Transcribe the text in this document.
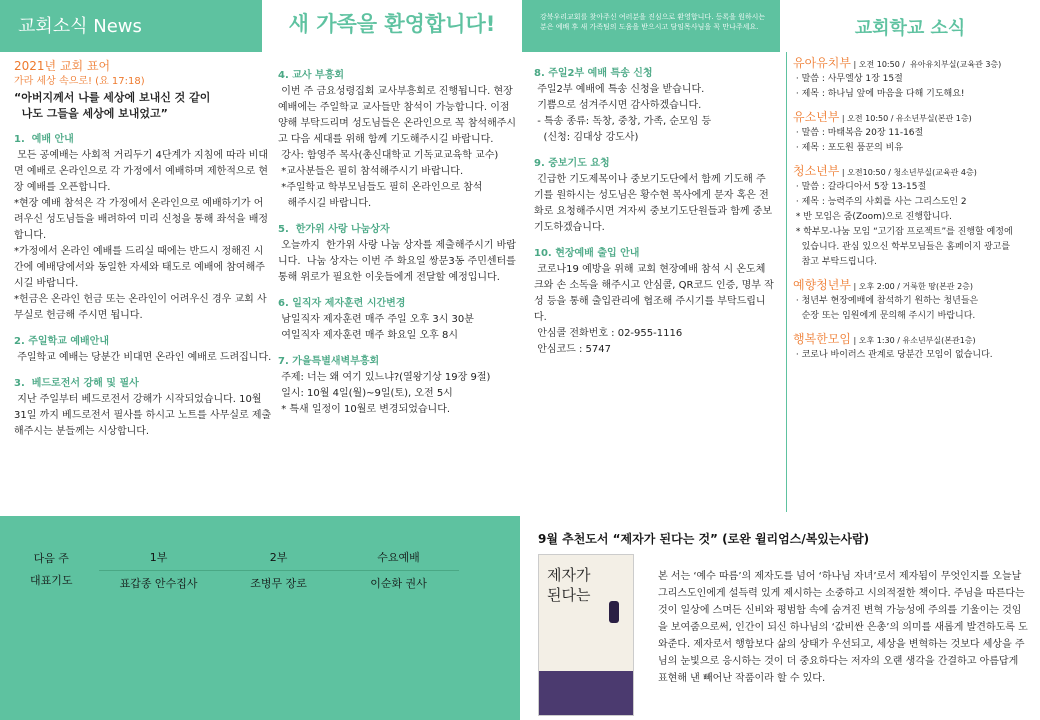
교회소식 News	새 가족을 환영합니다!	강북우리교회를 찾아주신 여러분을 진심으로 환영합니다. 등록을 원하시는 분은 예배 후 새 가족팀의 도움을 받으시고 담임목사님을 꼭 만나주세요.	교회학교 소식

2021년 교회 표어

가라 세상 속으로! (요 17:18)

“아버지께서 나를 세상에 보내신 것 같이
나도 그들을 세상에 보내었고”

1.  예배 안내

모든 공예배는 사회적 거리두기 4단계가 지침에 따라 비대면 예배로 온라인으로 각 가정에서 예배하며 제한적으로 현장 예배를 오픈합니다.
*현장 예배 참석은 각 가정에서 온라인으로 예배하기가 어려우신 성도님들을 배려하여 미리 신청을 통해 좌석을 배정합니다.
*가정에서 온라인 예배를 드리실 때에는 반드시 정해진 시간에 예배당에서와 동일한 자세와 태도로 예배에 참여해주시길 바랍니다.
*헌금은 온라인 헌금 또는 온라인이 어려우신 경우 교회 사무실로 헌금해 주시면 됩니다.

2. 주일학교 예배안내

주일학교 예배는 당분간 비대면 온라인 예배로 드려집니다.

3.  베드로전서 강해 및 필사

지난 주일부터 베드로전서 강해가 시작되었습니다. 10월 31일 까지 베드로전서 필사를 하시고 노트를 사무실로 제출해주시는 분들께는 시상합니다.

4. 교사 부흥회

이번 주 금요성령집회 교사부흥회로 진행됩니다. 현장예배에는 주일학교 교사들만 참석이 가능합니다. 이점 양해 부탁드리며 성도님들은 온라인으로 꼭 참석해주시고 다음 세대를 위해 함께 기도해주시길 바랍니다.
강사: 함영주 목사(총신대학교 기독교교육학 교수)
*교사분들은 필히 참석해주시기 바랍니다.
*주일학교 학부모님들도 필히 온라인으로 참석
해주시길 바랍니다.

5.  한가위 사랑 나눔상자

오늘까지  한가위 사랑 나눔 상자를 제출해주시기 바랍니다.  나눔 상자는 이번 주 화요일 쌍문3동 주민센터를 통해 위로가 필요한 이웃들에게 전달할 예정입니다.

6. 일직자 제자훈련 시간변경

남일직자 제자훈련 매주 주일 오후 3시 30분
여일직자 제자훈련 매주 화요일 오후 8시

7. 가을특별새벽부흥회

주제: 너는 왜 여기 있느냐?(열왕기상 19장 9절)
일시: 10월 4일(월)~9일(토), 오전 5시
* 특새 일정이 10월로 변경되었습니다.

8. 주일2부 예배 특송 신청

주일2부 예배에 특송 신청을 받습니다.
기쁨으로 섬겨주시면 감사하겠습니다.
- 특송 종류: 독창, 중창, 가족, 순모임 등
(신청: 김대상 강도사)

9. 중보기도 요청

긴급한 기도제목이나 중보기도단에서 함께 기도해 주기를 원하시는 성도님은 황수현 목사에게 문자 혹은 전화로 요청해주시면 겨자씨 중보기도단원들과 함께 중보기도하겠습니다.

10. 현장예배 출입 안내

코로나19 예방을 위해 교회 현장예배 참석 시 온도체크와 손 소독을 해주시고 안심콜, QR코드 인증, 명부 작성 등을 통해 출입관리에 협조해 주시기를 부탁드립니다.
안심콜 전화번호 : 02-955-1116
안심코드 : 5747

유아유치부 | 오전 10:50 /  유아유치부실(교육관 3층)

· 말씀 : 사무엘상 1장 15절
· 제목 : 하나님 앞에 마음을 다해 기도해요!

유소년부 | 오전 10:50 / 유소년부실(본관 1층)

· 말씀 : 마태복음 20장 11-16절
· 제목 : 포도원 품꾼의 비유

청소년부 | 오전10:50 / 청소년부실(교육관 4층)

· 말씀 : 갈라디아서 5장 13-15절
· 제목 : 능력주의 사회를 사는 그리스도인 2
* 반 모임은 줌(Zoom)으로 진행합니다.
* 학부모-나눔 모임 “고기잡 프로젝트”를 진행할 예정에
있습니다. 관심 있으신 학부모님들은 홈페이지 광고를
참고 부탁드립니다.

예향청년부 | 오후 2:00 / 거룩한 땅(본관 2층)

· 청년부 현장예배에 참석하기 원하는 청년들은
순장 또는 임원에게 문의해 주시기 바랍니다.

행복한모임 | 오후 1:30 / 유소년부실(본관1층)

· 코로나 바이러스 관계로 당분간 모임이 없습니다.

다음 주
대표기도	1부	2부	수요예배
	표갑종 안수집사	조병무 장로	이순화 권사

9월 추천도서 “제자가 된다는 것” (로완 윌리엄스/복있는사람)

제자가
된다는

본 서는 ‘예수 따름’의 제자도를 넘어 ‘하나님 자녀’로서 제자됨이 무엇인지를 오늘날 그리스도인에게 설득력 있게 제시하는 소중하고 시의적절한 책이다. 주님을 따른다는 것이 일상에 스며든 신비와 평범함 속에 숨겨진 변혁 가능성에 주의를 기울이는 것임을 보여줌으로써, 인간이 되신 하나님의 ‘값비싼 은총’의 의미를 새롭게 발견하도록 도와준다. 제자로서 행함보다 삶의 상태가 우선되고, 세상을 변혁하는 것보다 세상을 주님의 눈빛으로 응시하는 것이 더 중요하다는 저자의 오랜 생각을 간결하고 아름답게 표현해 낸 빼어난 작품이라 할 수 있다.
